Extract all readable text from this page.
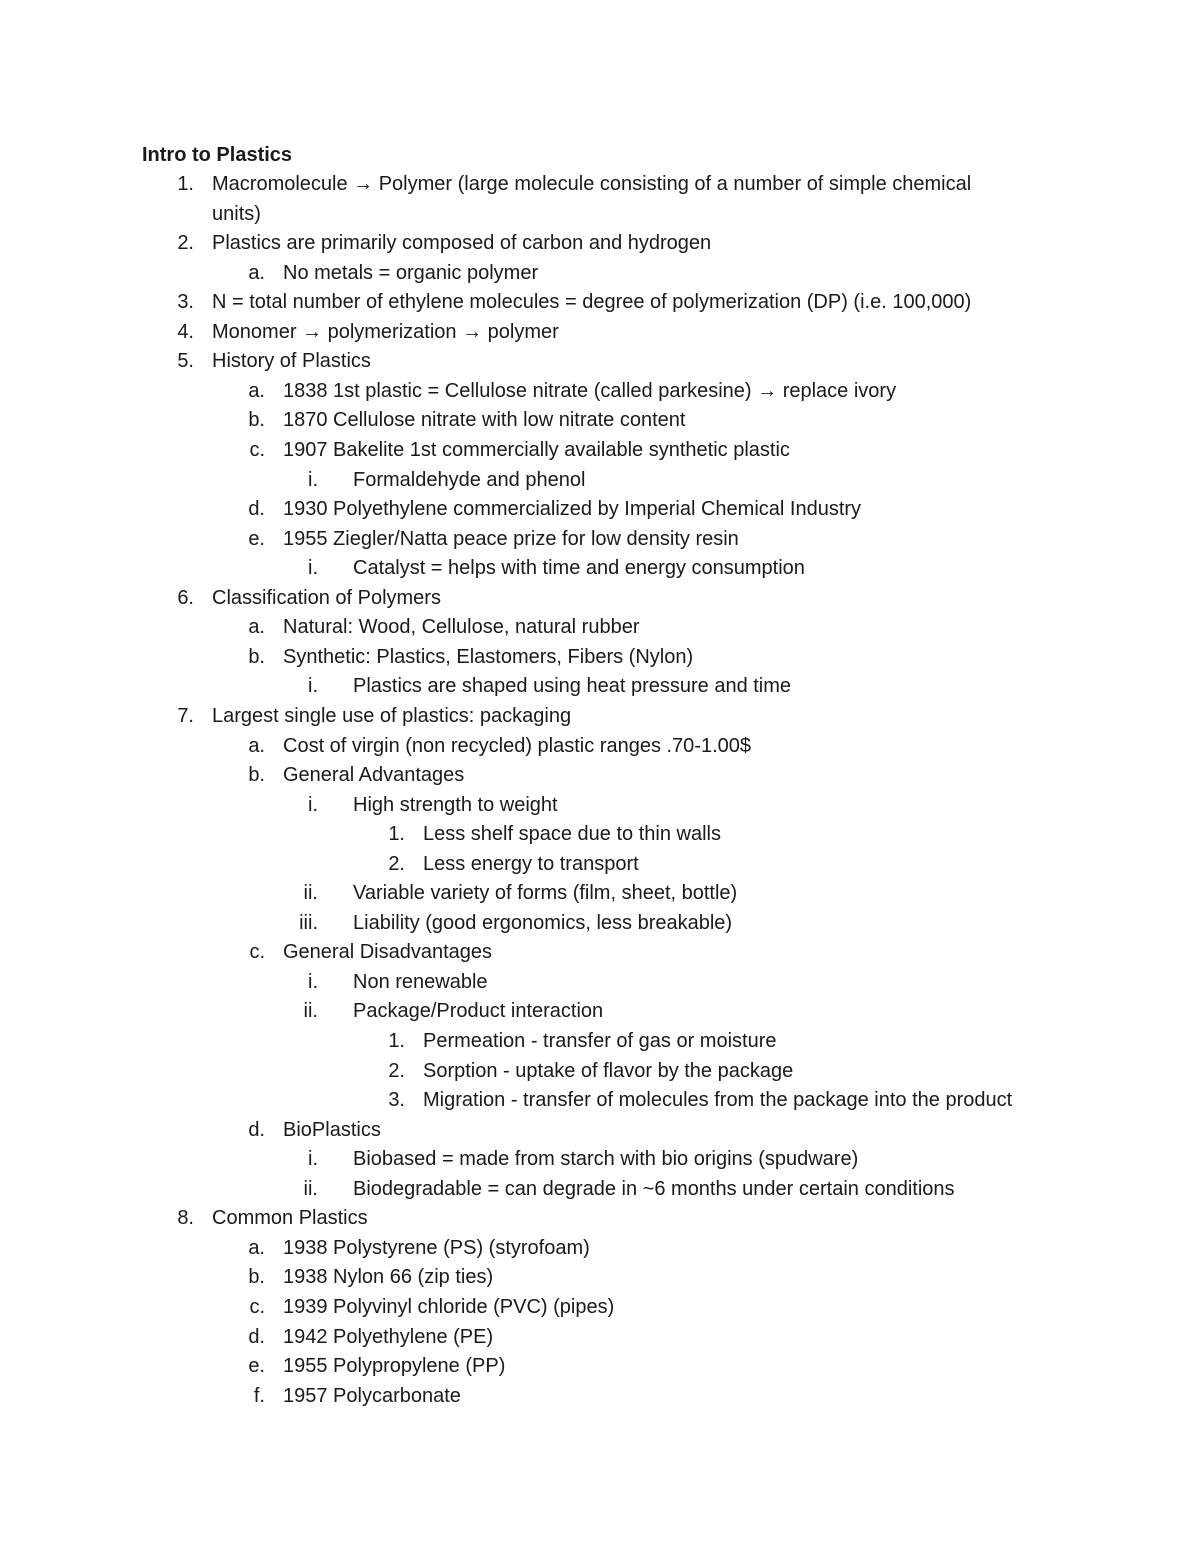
Intro to Plastics
1. Macromolecule → Polymer (large molecule consisting of a number of simple chemical
units)
2. Plastics are primarily composed of carbon and hydrogen
a. No metals = organic polymer
3. N = total number of ethylene molecules = degree of polymerization (DP) (i.e. 100,000)
4. Monomer → polymerization → polymer
5. History of Plastics
a. 1838 1st plastic = Cellulose nitrate (called parkesine) → replace ivory
b. 1870 Cellulose nitrate with low nitrate content
c. 1907 Bakelite 1st commercially available synthetic plastic
i. Formaldehyde and phenol
d. 1930 Polyethylene commercialized by Imperial Chemical Industry
e. 1955 Ziegler/Natta peace prize for low density resin
i. Catalyst = helps with time and energy consumption
6. Classification of Polymers
a. Natural: Wood, Cellulose, natural rubber
b. Synthetic: Plastics, Elastomers, Fibers (Nylon)
i. Plastics are shaped using heat pressure and time
7. Largest single use of plastics: packaging
a. Cost of virgin (non recycled) plastic ranges .70-1.00$
b. General Advantages
i. High strength to weight
1. Less shelf space due to thin walls
2. Less energy to transport
ii. Variable variety of forms (film, sheet, bottle)
iii. Liability (good ergonomics, less breakable)
c. General Disadvantages
i. Non renewable
ii. Package/Product interaction
1. Permeation - transfer of gas or moisture
2. Sorption - uptake of flavor by the package
3. Migration - transfer of molecules from the package into the product
d. BioPlastics
i. Biobased = made from starch with bio origins (spudware)
ii. Biodegradable = can degrade in ~6 months under certain conditions
8. Common Plastics
a. 1938 Polystyrene (PS) (styrofoam)
b. 1938 Nylon 66 (zip ties)
c. 1939 Polyvinyl chloride (PVC) (pipes)
d. 1942 Polyethylene (PE)
e. 1955 Polypropylene (PP)
f. 1957 Polycarbonate
